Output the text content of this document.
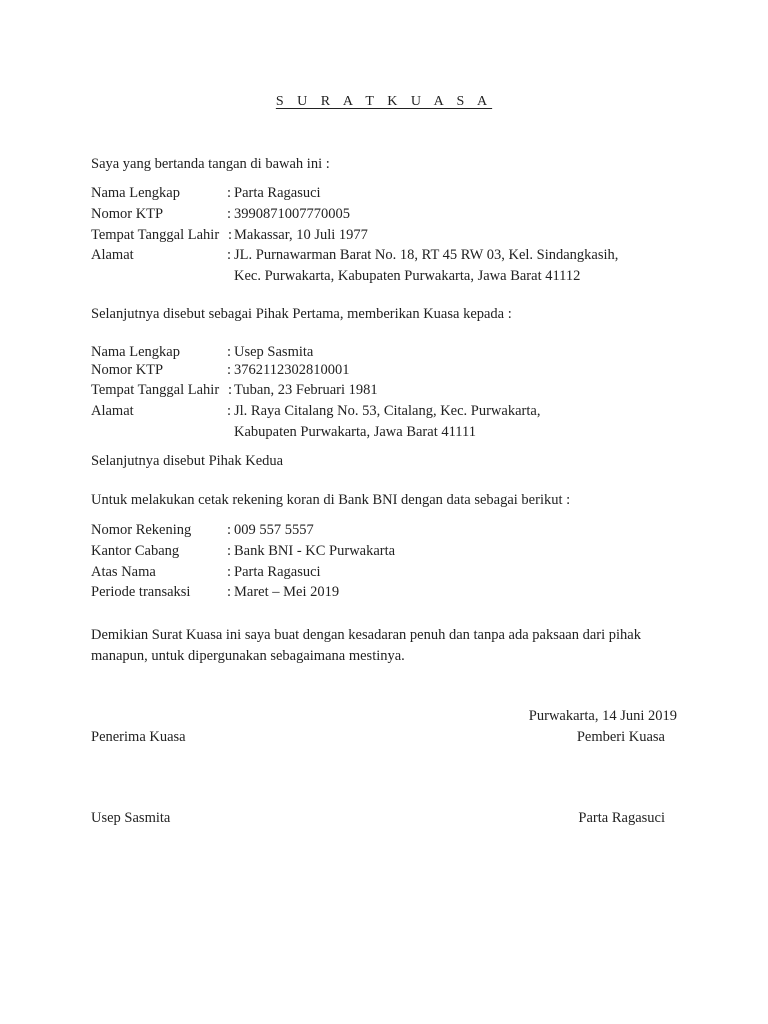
S U R A T K U A S A
Saya yang bertanda tangan di bawah ini :
Nama Lengkap	: Parta Ragasuci
Nomor KTP	: 3990871007770005
Tempat Tanggal Lahir : Makassar, 10 Juli 1977
Alamat	: JL. Purnawarman Barat No. 18, RT 45 RW 03, Kel. Sindangkasih,
Kec. Purwakarta, Kabupaten Purwakarta, Jawa Barat 41112
Selanjutnya disebut sebagai Pihak Pertama, memberikan Kuasa kepada :
Nama Lengkap	: Usep Sasmita
Nomor KTP	: 3762112302810001
Tempat Tanggal Lahir : Tuban, 23 Februari 1981
Alamat	: Jl. Raya Citalang No. 53, Citalang, Kec. Purwakarta,
Kabupaten Purwakarta, Jawa Barat 41111
Selanjutnya disebut Pihak Kedua
Untuk melakukan cetak rekening koran di Bank BNI dengan data sebagai berikut :
Nomor Rekening : 009 557 5557
Kantor Cabang	: Bank BNI - KC Purwakarta
Atas Nama	: Parta Ragasuci
Periode transaksi	: Maret – Mei 2019
Demikian Surat Kuasa ini saya buat dengan kesadaran penuh dan tanpa ada paksaan dari pihak
manapun, untuk dipergunakan sebagaimana mestinya.
Purwakarta, 14 Juni 2019
Penerima Kuasa	Pemberi Kuasa
Usep Sasmita	Parta Ragasuci
